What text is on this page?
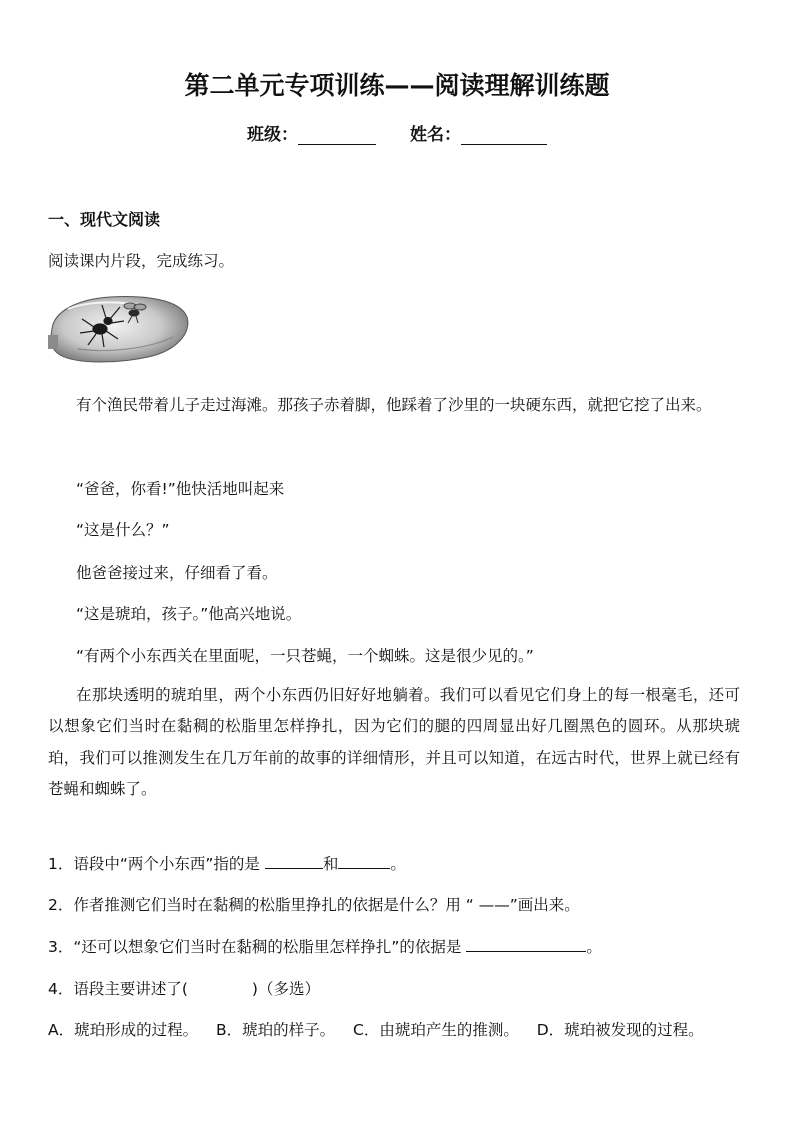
第二单元专项训练——阅读理解训练题
班级：	姓名：
一、现代文阅读
阅读课内片段，完成练习。
有个渔民带着儿子走过海滩。那孩子赤着脚，他踩着了沙里的一块硬东西，就把它挖了出来。
“爸爸，你看!”他快活地叫起来
“这是什么？”
他爸爸接过来，仔细看了看。
“这是琥珀，孩子。”他高兴地说。
“有两个小东西关在里面呢，一只苍蝇，一个蜘蛛。这是很少见的。”
在那块透明的琥珀里，两个小东西仍旧好好地躺着。我们可以看见它们身上的每一根毫毛，还可以想象它们当时在黏稠的松脂里怎样挣扎，因为它们的腿的四周显出好几圈黑色的圆环。从那块琥珀，我们可以推测发生在几万年前的故事的详细情形，并且可以知道，在远古时代，世界上就已经有苍蝇和蜘蛛了。
1．语段中“两个小东西”指的是	和	。
2．作者推测它们当时在黏稠的松脂里挣扎的依据是什么？用 “ ——”画出来。
3．“还可以想象它们当时在黏稠的松脂里怎样挣扎”的依据是	。
4．语段主要讲述了(	)（多选）
A．琥珀形成的过程。 B．琥珀的样子。 C．由琥珀产生的推测。 D．琥珀被发现的过程。
